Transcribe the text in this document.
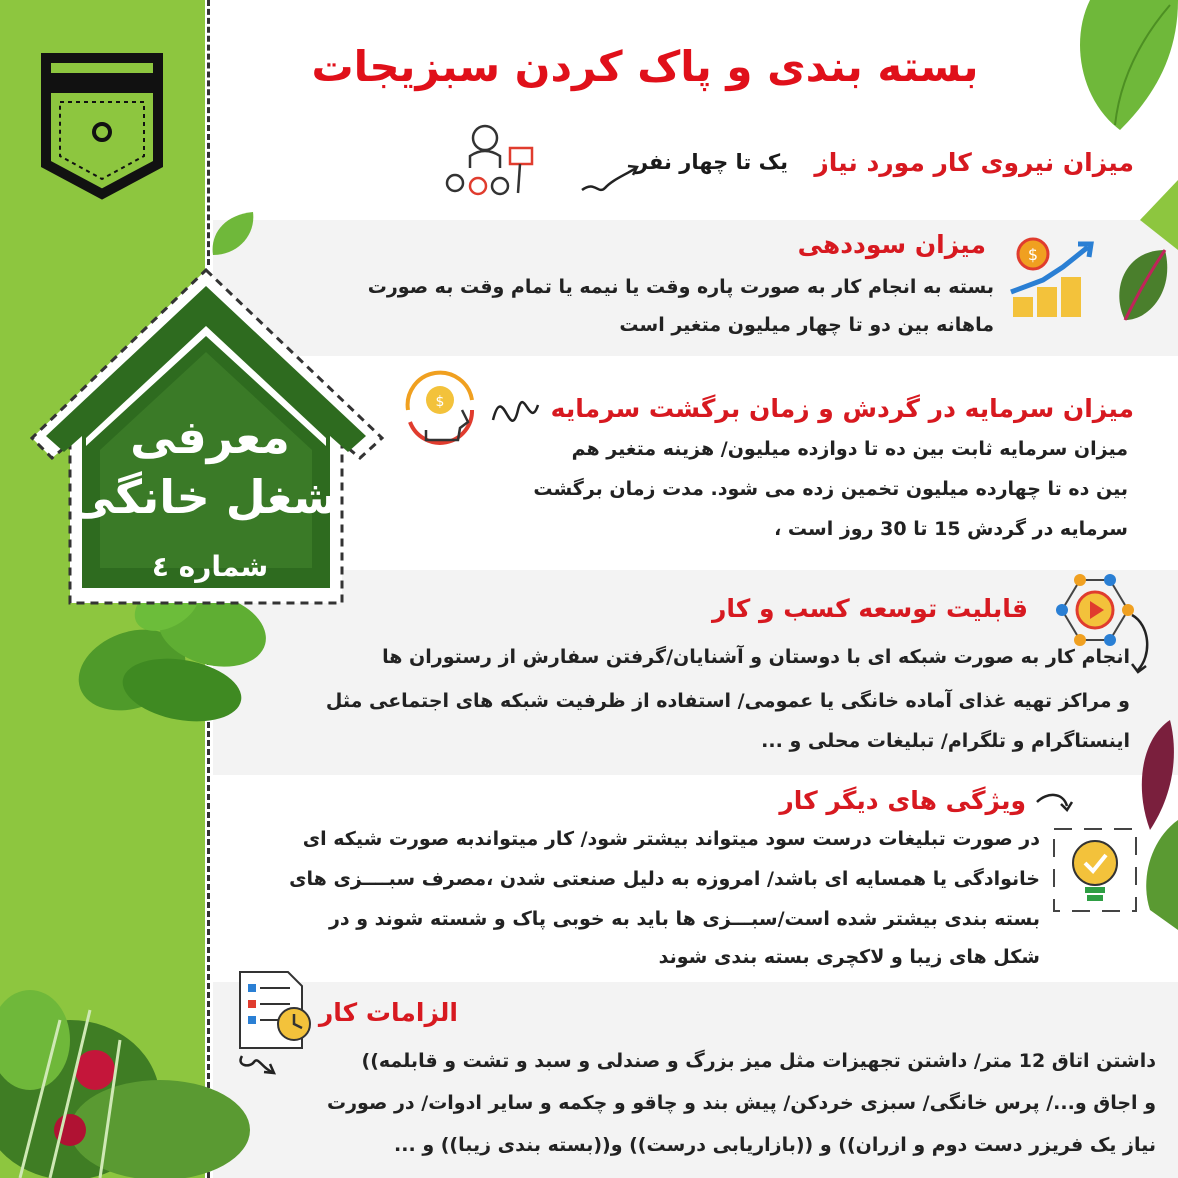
معرفی
شغل خانگی
شماره ٤
بسته بندی و پاک کردن سبزیجات
یک تا چهار نفر میزان نیروی کار مورد نیاز
$
میزان سوددهی
بسته به انجام کار به صورت پاره وقت یا نیمه یا تمام وقت به صورت
ماهانه بین دو تا چهار میلیون متغیر است
$	میزان سرمایه در گردش و زمان برگشت سرمایه
میزان سرمایه ثابت بین ده تا دوازده میلیون/ هزینه متغیر هم
بین ده تا چهارده میلیون تخمین زده می شود. مدت زمان برگشت
سرمایه در گردش 15 تا 30 روز است ،
قابلیت توسعه کسب و کار
انجام کار به صورت شبکه ای با دوستان و آشنایان/گرفتن سفارش از رستوران ها
و مراکز تهیه غذای آماده خانگی یا عمومی/ استفاده از ظرفیت شبکه های اجتماعی مثل
اینستاگرام و تلگرام/ تبلیغات محلی و ...
ویژگی های دیگر کار
در صورت تبلیغات درست سود میتواند بیشتر شود/ کار میتواندبه صورت شیکه ای
خانوادگی یا همسایه ای باشد/ امروزه به دلیل صنعتی شدن ،مصرف سبــــزی های
بسته بندی بیشتر شده است/سبـــزی ها باید به خوبی پاک و شسته شوند و در
شکل های زیبا و لاکچری بسته بندی شوند
الزامات کار
داشتن اتاق 12 متر/ داشتن تجهیزات مثل میز بزرگ و صندلی و سبد و تشت و قابلمه))
و اجاق و.../ پرس خانگی/ سبزی خردکن/ پیش بند و چاقو و چکمه و سایر ادوات/ در صورت
نیاز یک فریزر دست دوم و ازران)) و ((بازاریابی درست)) و((بسته بندی زیبا)) و ...
